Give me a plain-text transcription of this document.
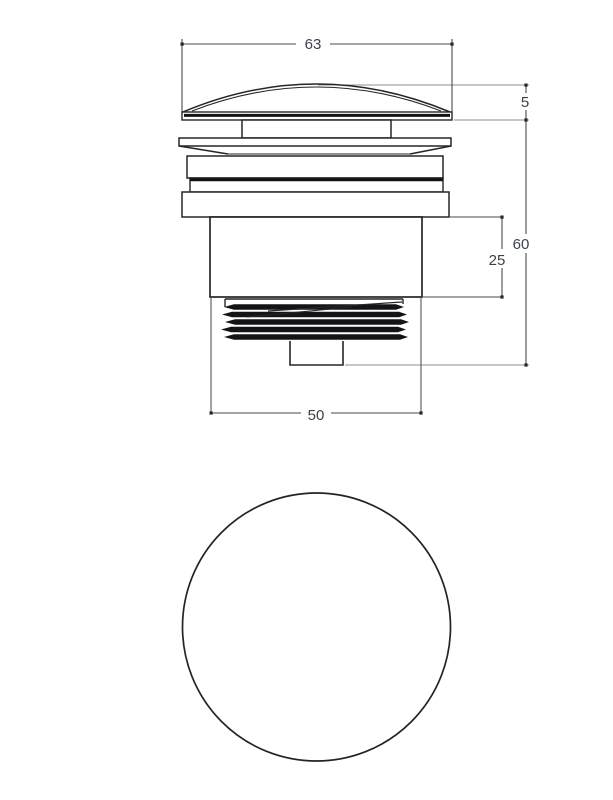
63
25
5
60
50
